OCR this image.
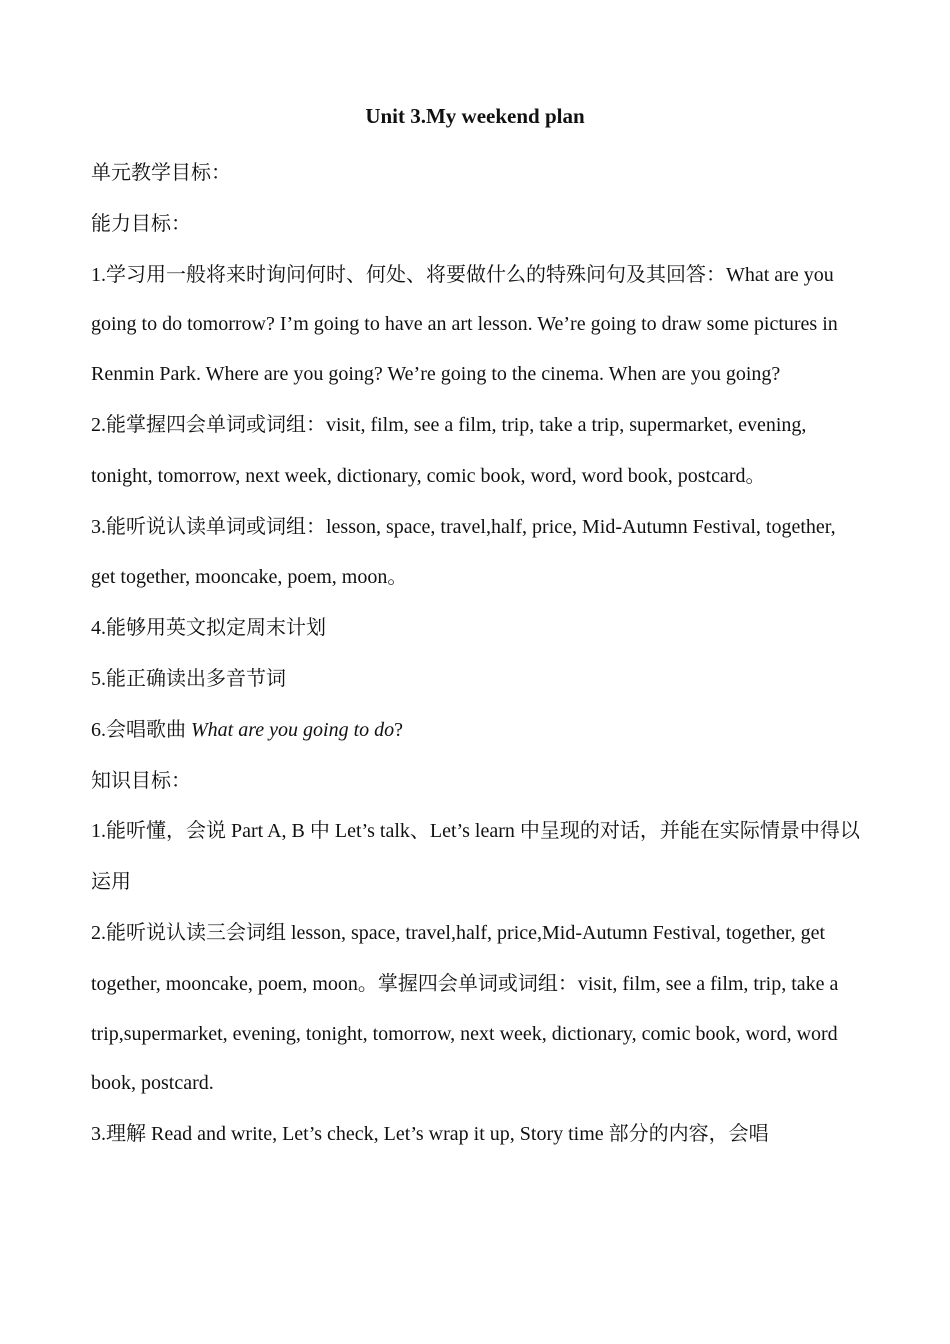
Unit 3.My weekend plan

单元教学目标：

能力目标：

1.学习用一般将来时询问何时、何处、将要做什么的特殊问句及其回答：What are you going to do tomorrow? I’m going to have an art lesson. We’re going to draw some pictures in Renmin Park. Where are you going? We’re going to the cinema. When are you going?

2.能掌握四会单词或词组：visit, film, see a film, trip, take a trip, supermarket, evening, tonight, tomorrow, next week, dictionary, comic book, word, word book, postcard。

3.能听说认读单词或词组：lesson, space, travel,half, price, Mid-Autumn Festival, together, get together, mooncake, poem, moon。

4.能够用英文拟定周末计划

5.能正确读出多音节词

6.会唱歌曲 What are you going to do?

知识目标：

1.能听懂，会说 Part A, B 中 Let’s talk、Let’s learn 中呈现的对话，并能在实际情景中得以运用

2.能听说认读三会词组 lesson, space, travel,half, price,Mid-Autumn Festival, together, get together, mooncake, poem, moon。掌握四会单词或词组：visit, film, see a film, trip, take a trip,supermarket, evening, tonight, tomorrow, next week, dictionary, comic book, word, word book, postcard.

3.理解 Read and write, Let’s check, Let’s wrap it up, Story time 部分的内容，会唱
